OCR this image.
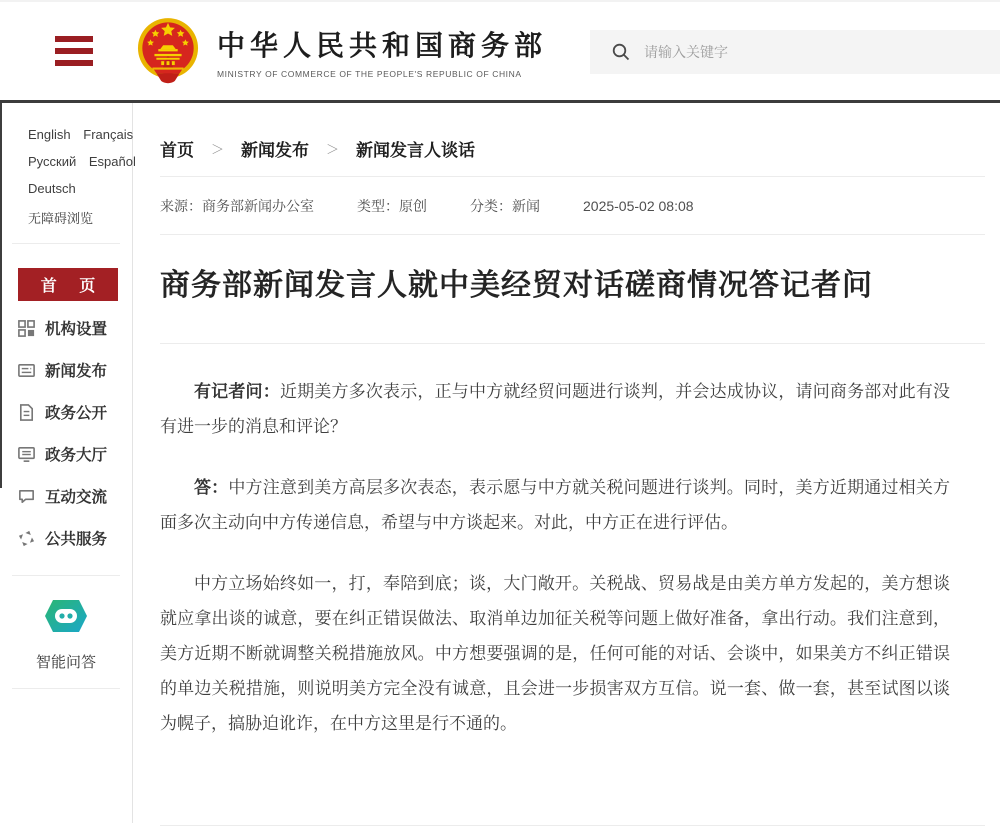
中华人民共和国商务部
MINISTRY OF COMMERCE OF THE PEOPLE'S REPUBLIC OF CHINA
请输入关键字
English Français
Русский Español
Deutsch
无障碍浏览
首 页
机构设置
新闻发布
政务公开
政务大厅
互动交流
公共服务
智能问答
首页 ＞ 新闻发布 ＞ 新闻发言人谈话
来源：商务部新闻办公室	类型：原创	分类：新闻	2025-05-02 08:08
商务部新闻发言人就中美经贸对话磋商情况答记者问

有记者问：近期美方多次表示，正与中方就经贸问题进行谈判，并会达成协议，请问商务部对此有没有进一步的消息和评论？

答：中方注意到美方高层多次表态，表示愿与中方就关税问题进行谈判。同时，美方近期通过相关方面多次主动向中方传递信息，希望与中方谈起来。对此，中方正在进行评估。

中方立场始终如一，打，奉陪到底；谈，大门敞开。关税战、贸易战是由美方单方发起的，美方想谈就应拿出谈的诚意，要在纠正错误做法、取消单边加征关税等问题上做好准备，拿出行动。我们注意到，美方近期不断就调整关税措施放风。中方想要强调的是，任何可能的对话、会谈中，如果美方不纠正错误的单边关税措施，则说明美方完全没有诚意，且会进一步损害双方互信。说一套、做一套，甚至试图以谈为幌子，搞胁迫讹诈，在中方这里是行不通的。
